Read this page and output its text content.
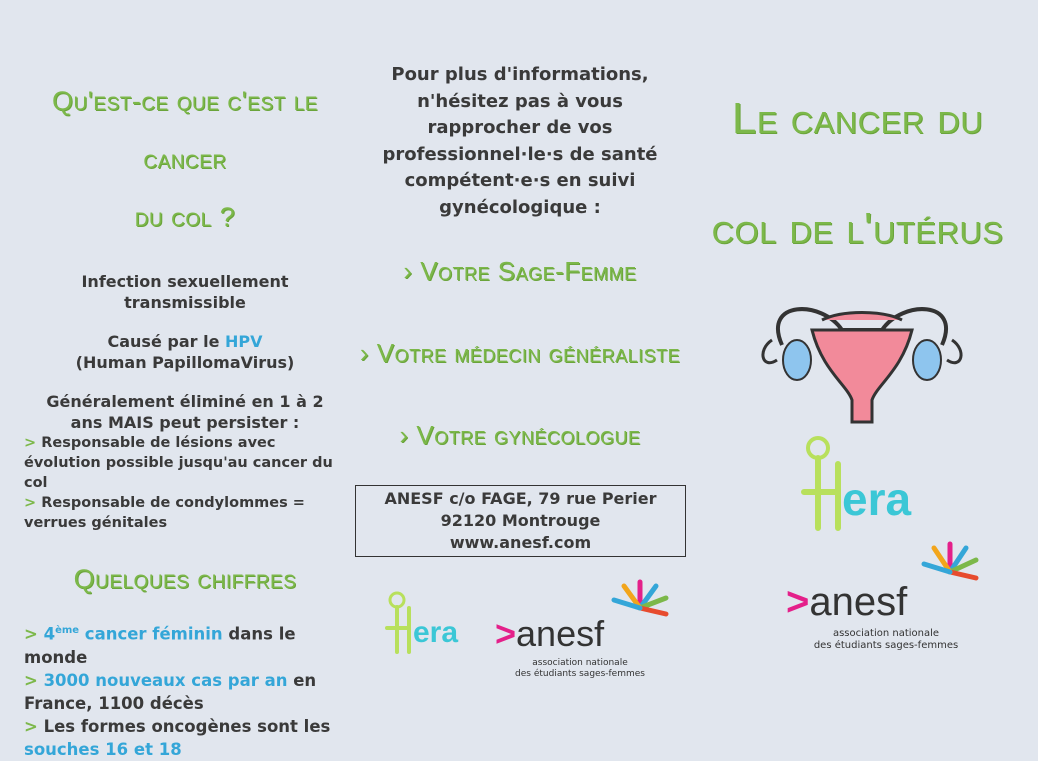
Qu'est-ce que c'est le cancer
du col ?

Infection sexuellement
transmissible

Causé par le HPV
(Human PapillomaVirus)

Généralement éliminé en 1 à 2
ans MAIS peut persister :

> Responsable de lésions avec évolution possible jusqu'au cancer du col
> Responsable de condylommes = verrues génitales
Quelques chiffres
> 4ème cancer féminin dans le monde
> 3000 nouveaux cas par an en France, 1100 décès
> Les formes oncogènes sont les souches 16 et 18
Pour plus d'informations,
n'hésitez pas à vous
rapprocher de vos
professionnel·le·s de santé
compétent·e·s en suivi
gynécologique :
› Votre Sage-Femme
› Votre médecin généraliste
› Votre gynécologue
ANESF c/o FAGE, 79 rue Perier
92120 Montrouge
www.anesf.com
era >anesf
association nationale
des étudiants sages-femmes
Le cancer du
col de l'utérus
era
>anesf
association nationale
des étudiants sages-femmes
